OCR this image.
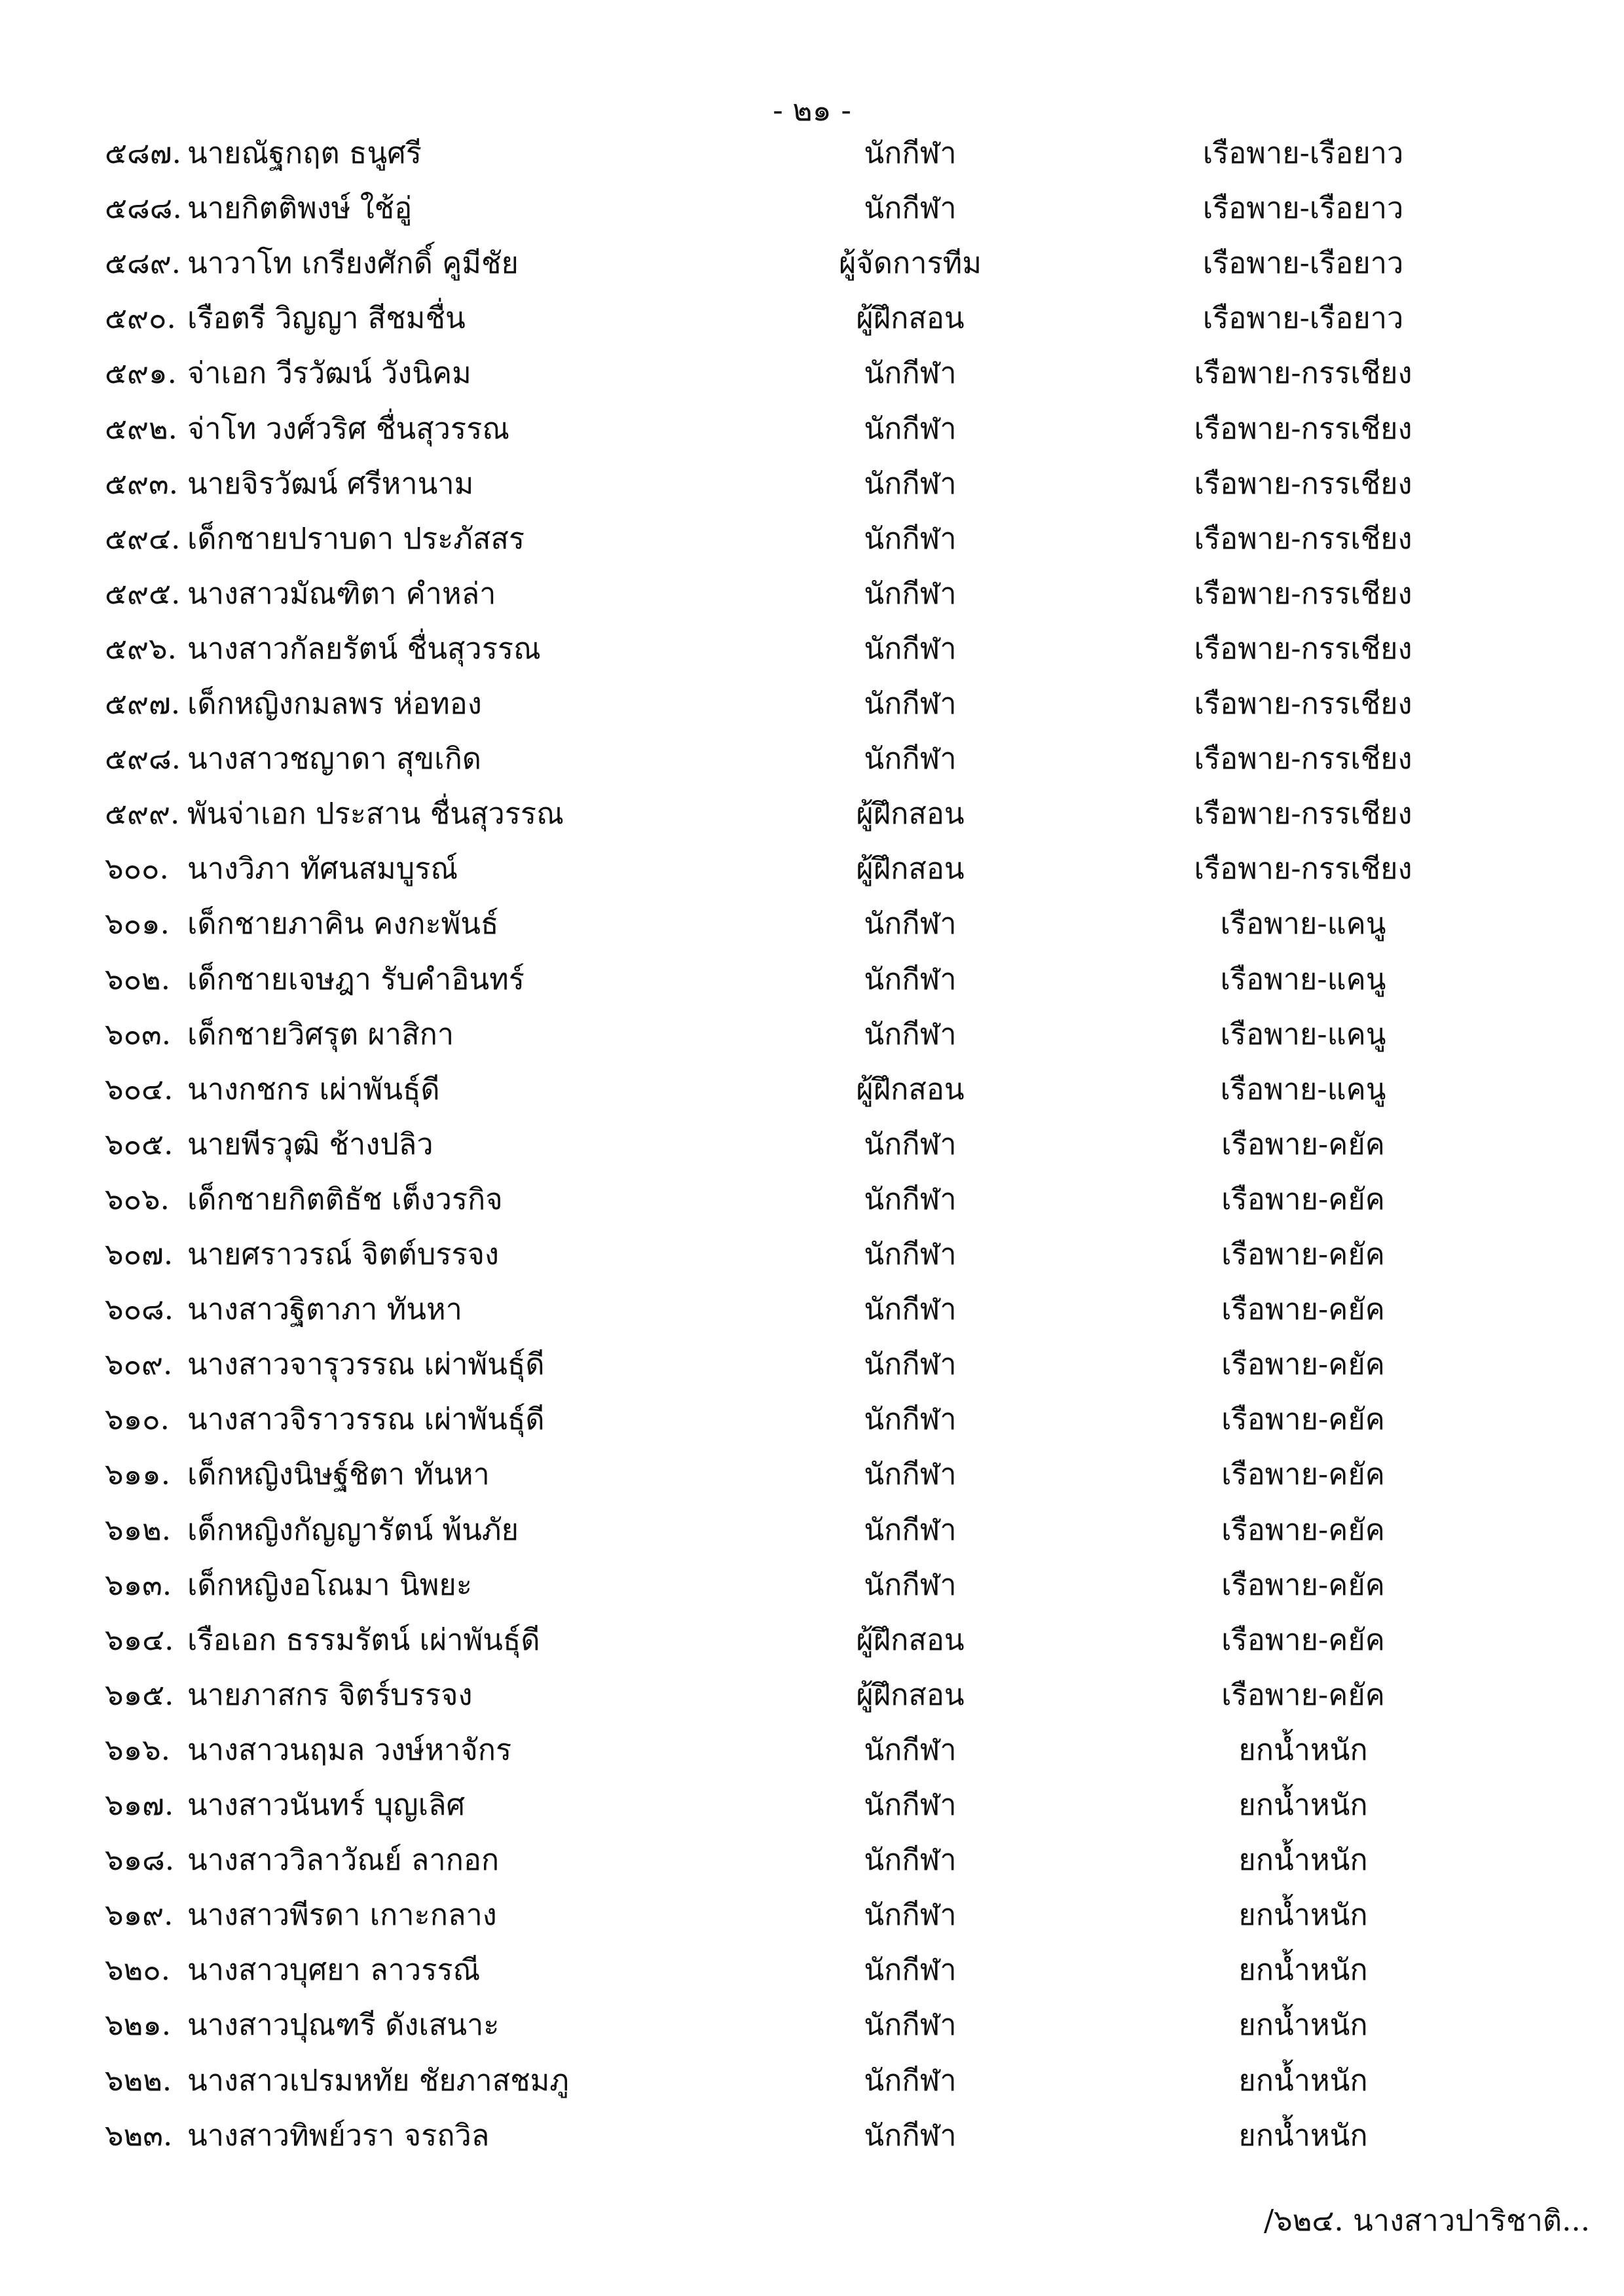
- ๒๑ -
๕๘๗. นายณัฐกฤต ธนูศรี	นักกีฬา	เรือพาย-เรือยาว
๕๘๘. นายกิตติพงษ์ ใช้อู่	นักกีฬา	เรือพาย-เรือยาว
๕๘๙. นาวาโท เกรียงศักดิ์ คูมีชัย	ผู้จัดการทีม	เรือพาย-เรือยาว
๕๙๐. เรือตรี วิญญา สีชมชื่น	ผู้ฝึกสอน	เรือพาย-เรือยาว
๕๙๑. จ่าเอก วีรวัฒน์ วังนิคม	นักกีฬา	เรือพาย-กรรเชียง
๕๙๒. จ่าโท วงศ์วริศ ชื่นสุวรรณ	นักกีฬา	เรือพาย-กรรเชียง
๕๙๓. นายจิรวัฒน์ ศรีหานาม	นักกีฬา	เรือพาย-กรรเชียง
๕๙๔. เด็กชายปราบดา ประภัสสร	นักกีฬา	เรือพาย-กรรเชียง
๕๙๕. นางสาวมัณฑิตา คำหล่า	นักกีฬา	เรือพาย-กรรเชียง
๕๙๖. นางสาวกัลยรัตน์ ชื่นสุวรรณ	นักกีฬา	เรือพาย-กรรเชียง
๕๙๗. เด็กหญิงกมลพร ห่อทอง	นักกีฬา	เรือพาย-กรรเชียง
๕๙๘. นางสาวชญาดา สุขเกิด	นักกีฬา	เรือพาย-กรรเชียง
๕๙๙. พันจ่าเอก ประสาน ชื่นสุวรรณ	ผู้ฝึกสอน	เรือพาย-กรรเชียง
๖๐๐. นางวิภา ทัศนสมบูรณ์	ผู้ฝึกสอน	เรือพาย-กรรเชียง
๖๐๑. เด็กชายภาคิน คงกะพันธ์	นักกีฬา	เรือพาย-แคนู
๖๐๒. เด็กชายเจษฎา รับคำอินทร์	นักกีฬา	เรือพาย-แคนู
๖๐๓. เด็กชายวิศรุต ผาสิกา	นักกีฬา	เรือพาย-แคนู
๖๐๔. นางกชกร เผ่าพันธุ์ดี	ผู้ฝึกสอน	เรือพาย-แคนู
๖๐๕. นายพีรวุฒิ ช้างปลิว	นักกีฬา	เรือพาย-คยัค
๖๐๖. เด็กชายกิตติธัช เต็งวรกิจ	นักกีฬา	เรือพาย-คยัค
๖๐๗. นายศราวรณ์ จิตต์บรรจง	นักกีฬา	เรือพาย-คยัค
๖๐๘. นางสาวฐิตาภา ทันหา	นักกีฬา	เรือพาย-คยัค
๖๐๙. นางสาวจารุวรรณ เผ่าพันธุ์ดี	นักกีฬา	เรือพาย-คยัค
๖๑๐. นางสาวจิราวรรณ เผ่าพันธุ์ดี	นักกีฬา	เรือพาย-คยัค
๖๑๑. เด็กหญิงนิษฐ์ชิตา ทันหา	นักกีฬา	เรือพาย-คยัค
๖๑๒. เด็กหญิงกัญญารัตน์ พ้นภัย	นักกีฬา	เรือพาย-คยัค
๖๑๓. เด็กหญิงอโณมา นิพยะ	นักกีฬา	เรือพาย-คยัค
๖๑๔. เรือเอก ธรรมรัตน์ เผ่าพันธุ์ดี	ผู้ฝึกสอน	เรือพาย-คยัค
๖๑๕. นายภาสกร จิตร์บรรจง	ผู้ฝึกสอน	เรือพาย-คยัค
๖๑๖. นางสาวนฤมล วงษ์หาจักร	นักกีฬา	ยกน้ำหนัก
๖๑๗. นางสาวนันทร์ บุญเลิศ	นักกีฬา	ยกน้ำหนัก
๖๑๘. นางสาววิลาวัณย์ ลากอก	นักกีฬา	ยกน้ำหนัก
๖๑๙. นางสาวพีรดา เกาะกลาง	นักกีฬา	ยกน้ำหนัก
๖๒๐. นางสาวบุศยา ลาวรรณี	นักกีฬา	ยกน้ำหนัก
๖๒๑. นางสาวปุณฑรี ดังเสนาะ	นักกีฬา	ยกน้ำหนัก
๖๒๒. นางสาวเปรมหทัย ชัยภาสชมภู	นักกีฬา	ยกน้ำหนัก
๖๒๓. นางสาวทิพย์วรา จรถวิล	นักกีฬา	ยกน้ำหนัก
/๖๒๔. นางสาวปาริชาติ...
